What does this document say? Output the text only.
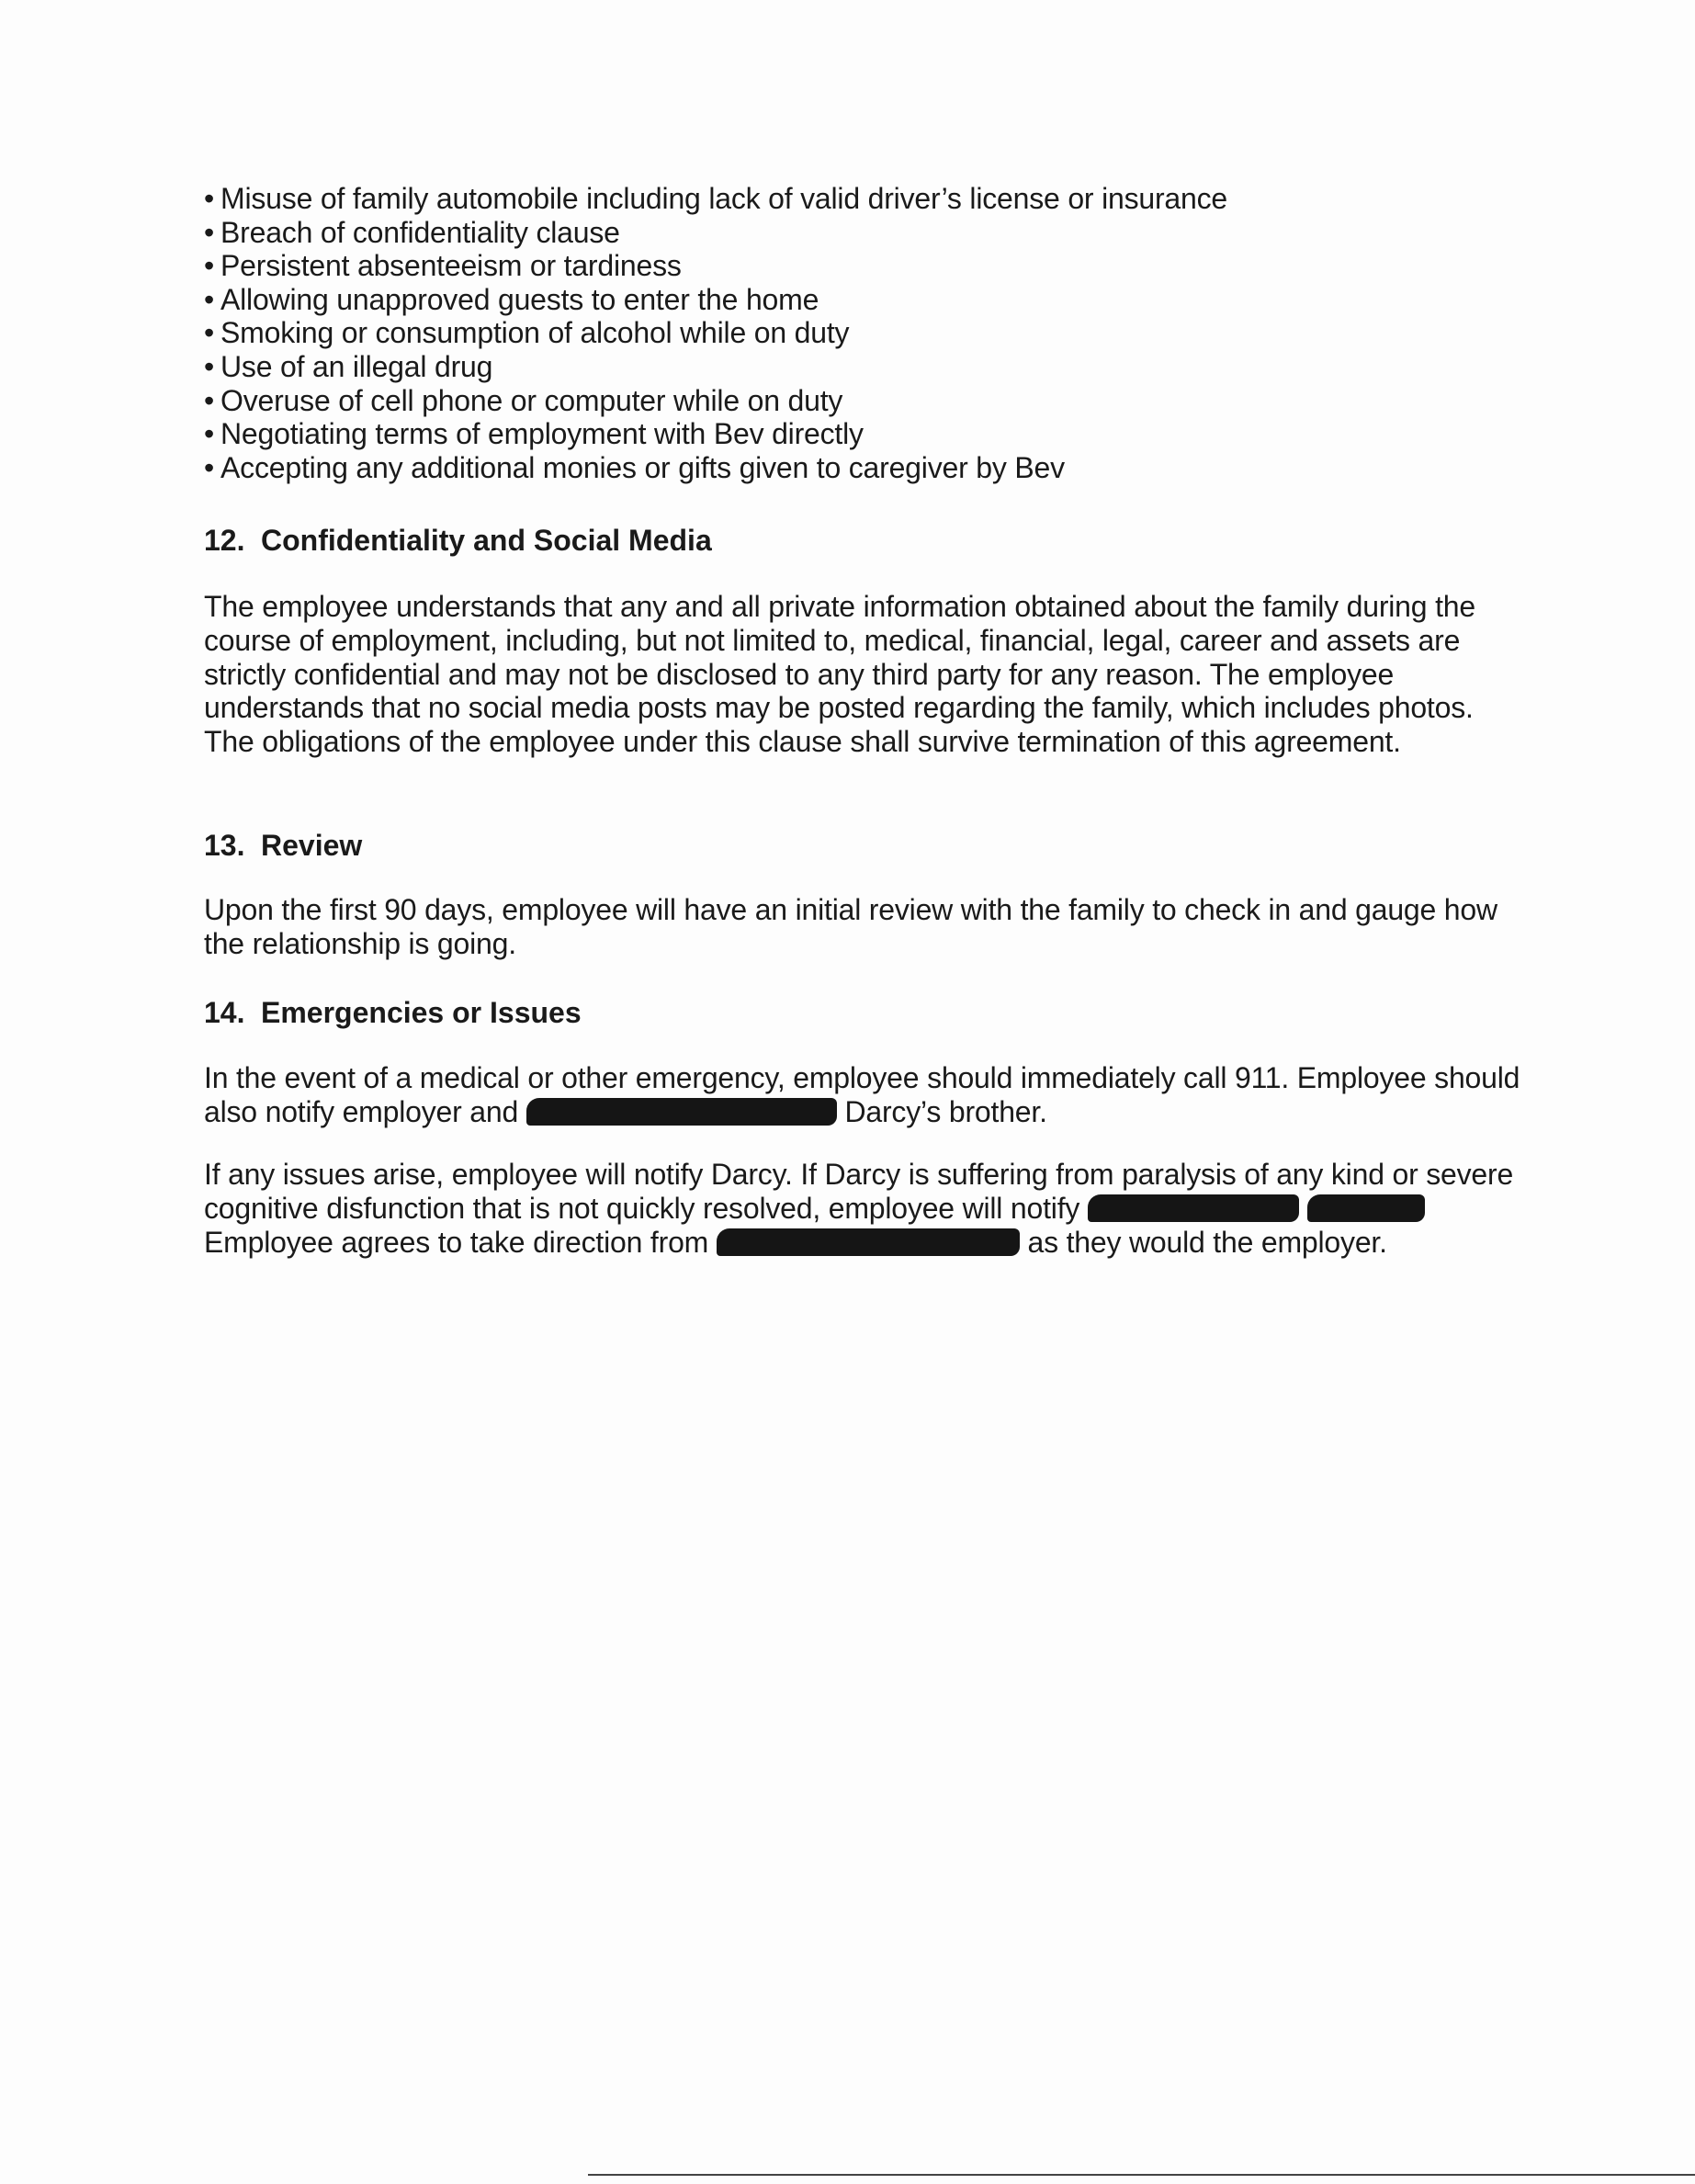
• Misuse of family automobile including lack of valid driver’s license or insurance
• Breach of confidentiality clause
• Persistent absenteeism or tardiness
• Allowing unapproved guests to enter the home
• Smoking or consumption of alcohol while on duty
• Use of an illegal drug
• Overuse of cell phone or computer while on duty
• Negotiating terms of employment with Bev directly
• Accepting any additional monies or gifts given to caregiver by Bev
12. Confidentiality and Social Media

The employee understands that any and all private information obtained about the family during the course of employment, including, but not limited to, medical, financial, legal, career and assets are strictly confidential and may not be disclosed to any third party for any reason. The employee understands that no social media posts may be posted regarding the family, which includes photos. The obligations of the employee under this clause shall survive termination of this agreement.

13. Review

Upon the first 90 days, employee will have an initial review with the family to check in and gauge how the relationship is going.

14. Emergencies or Issues

In the event of a medical or other emergency, employee should immediately call 911. Employee should also notify employer and	Darcy’s brother.

If any issues arise, employee will notify Darcy. If Darcy is suffering from paralysis of any kind or severe cognitive disfunction that is not quickly resolved, employee will notify   Employee agrees to take direction from	as they would the employer.
